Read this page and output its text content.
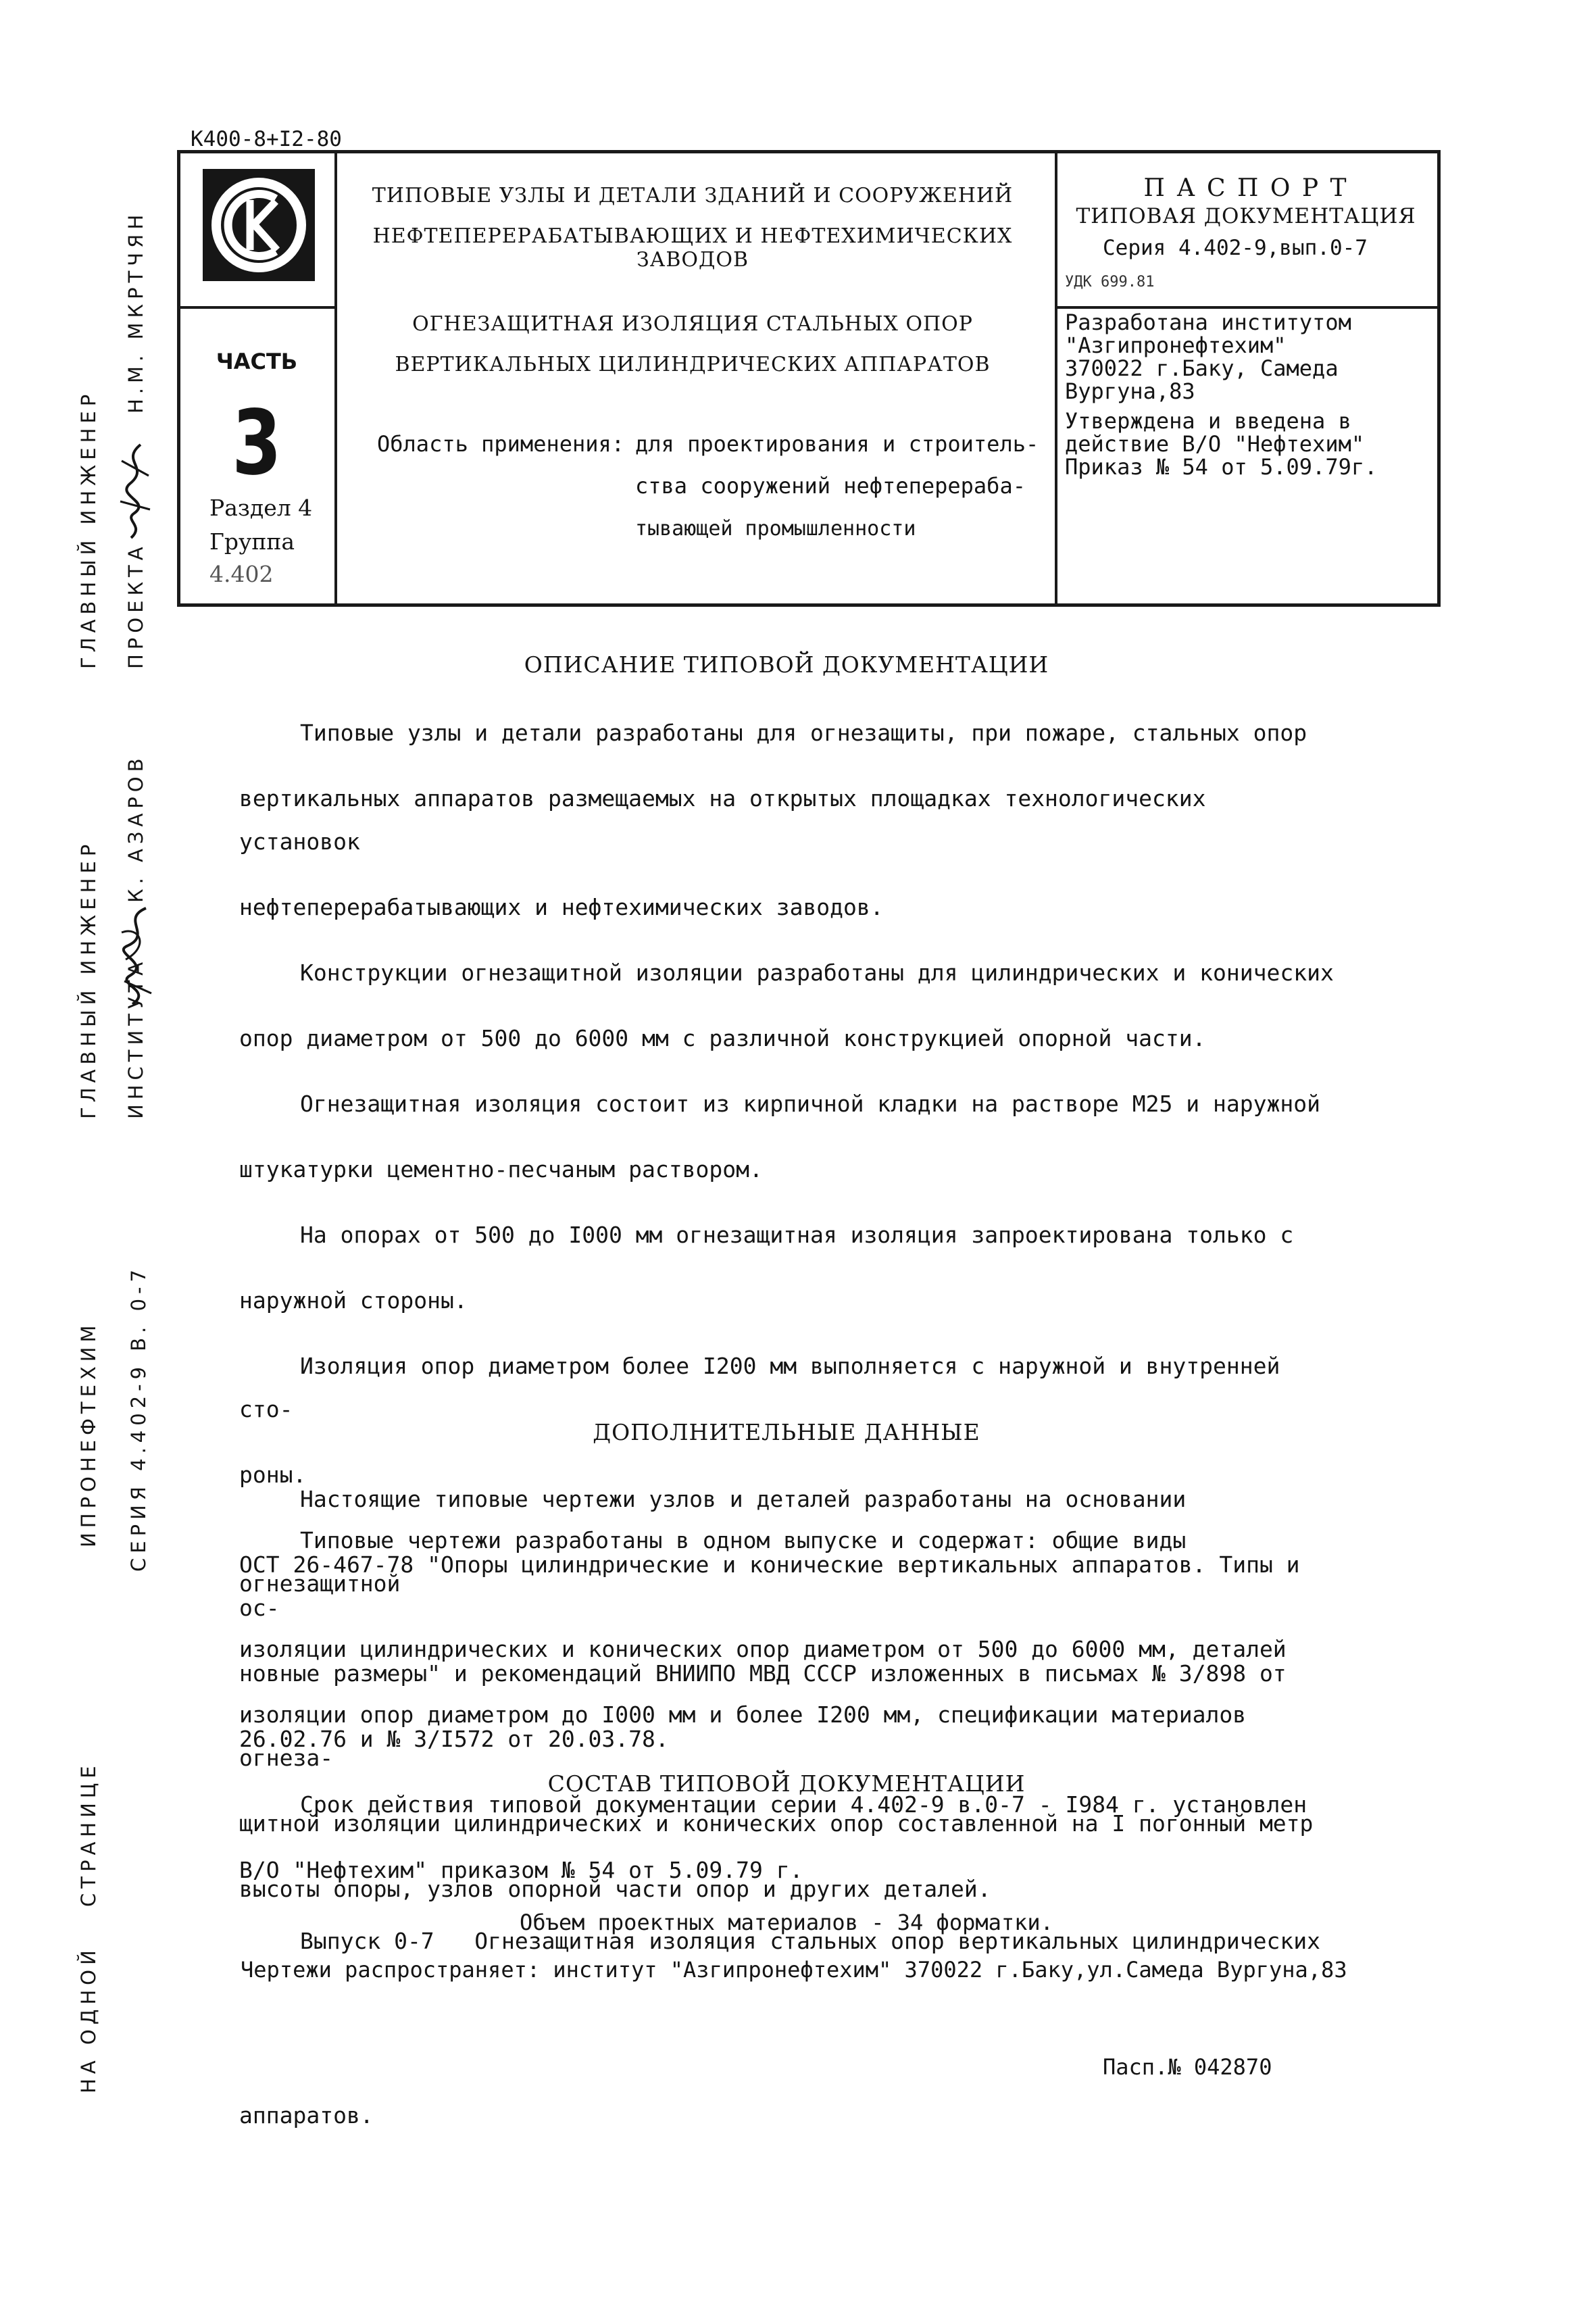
К400-8+I2-80
ЧАСТЬ
3
Раздел 4
Группа
4.402
ТИПОВЫЕ УЗЛЫ И ДЕТАЛИ ЗДАНИЙ И СООРУЖЕНИЙ
НЕФТЕПЕРЕРАБАТЫВАЮЩИХ И НЕФТЕХИМИЧЕСКИХ ЗАВОДОВ
ОГНЕЗАЩИТНАЯ ИЗОЛЯЦИЯ СТАЛЬНЫХ ОПОР
ВЕРТИКАЛЬНЫХ ЦИЛИНДРИЧЕСКИХ АППАРАТОВ
Область применения: для проектирования и строитель-
ства сооружений нефтеперераба-
тывающей промышленности
П А С П О Р Т
ТИПОВАЯ ДОКУМЕНТАЦИЯ
Серия 4.402-9,вып.0-7
УДК 699.81
Разработана институтом
"Азгипронефтехим"
370022 г.Баку, Самеда
Вургуна,83
Утверждена и введена в
действие В/О "Нефтехим"
Приказ № 54 от 5.09.79г.
ГЛАВНЫЙ ИНЖЕНЕР ПРОЕКТА
Н.М. МКРТЧЯН
ГЛАВНЫЙ ИНЖЕНЕР ИНСТИТУТА
К. АЗАРОВ
ИПРОНЕФТЕХИМ СЕРИЯ 4.402-9 В. 0-7
НА ОДНОЙ
СТРАНИЦЕ
ОПИСАНИЕ ТИПОВОЙ ДОКУМЕНТАЦИИ

Типовые узлы и детали разработаны для огнезащиты, при пожаре, стальных опор

вертикальных аппаратов размещаемых на открытых площадках технологических установок

нефтеперерабатывающих и нефтехимических заводов.

Конструкции огнезащитной изоляции разработаны для цилиндрических и конических

опор диаметром от 500 до 6000 мм с различной конструкцией опорной части.

Огнезащитная изоляция состоит из кирпичной кладки на растворе М25 и наружной

штукатурки цементно-песчаным раствором.

На опорах от 500 до I000 мм огнезащитная изоляция запроектирована только с

наружной стороны.

Изоляция опор диаметром более I200 мм выполняется с наружной и внутренней сто-

роны.

Типовые чертежи разработаны в одном выпуске и содержат: общие виды огнезащитной

изоляции цилиндрических и конических опор диаметром от 500 до 6000 мм, деталей

изоляции опор диаметром до I000 мм и более I200 мм, спецификации материалов огнеза-

щитной изоляции цилиндрических и конических опор составленной на I погонный метр

высоты опоры, узлов опорной части опор и других деталей.

ДОПОЛНИТЕЛЬНЫЕ ДАННЫЕ

Настоящие типовые чертежи узлов и деталей разработаны на основании

ОСТ 26-467-78 "Опоры цилиндрические и конические вертикальных аппаратов. Типы и ос-

новные размеры" и рекомендаций ВНИИПО МВД СССР изложенных в письмах № 3/898 от

26.02.76 и № 3/I572 от 20.03.78.

Срок действия типовой документации серии 4.402-9 в.0-7 - I984 г. установлен

В/О "Нефтехим" приказом № 54 от 5.09.79 г.

СОСТАВ ТИПОВОЙ ДОКУМЕНТАЦИИ

Выпуск 0-7   Огнезащитная изоляция стальных опор вертикальных цилиндрических

аппаратов.

Объем проектных материалов - 34 форматки.
Чертежи распространяет: институт "Азгипронефтехим" 370022 г.Баку,ул.Самеда Вургуна,83
Пасп.№ 042870
